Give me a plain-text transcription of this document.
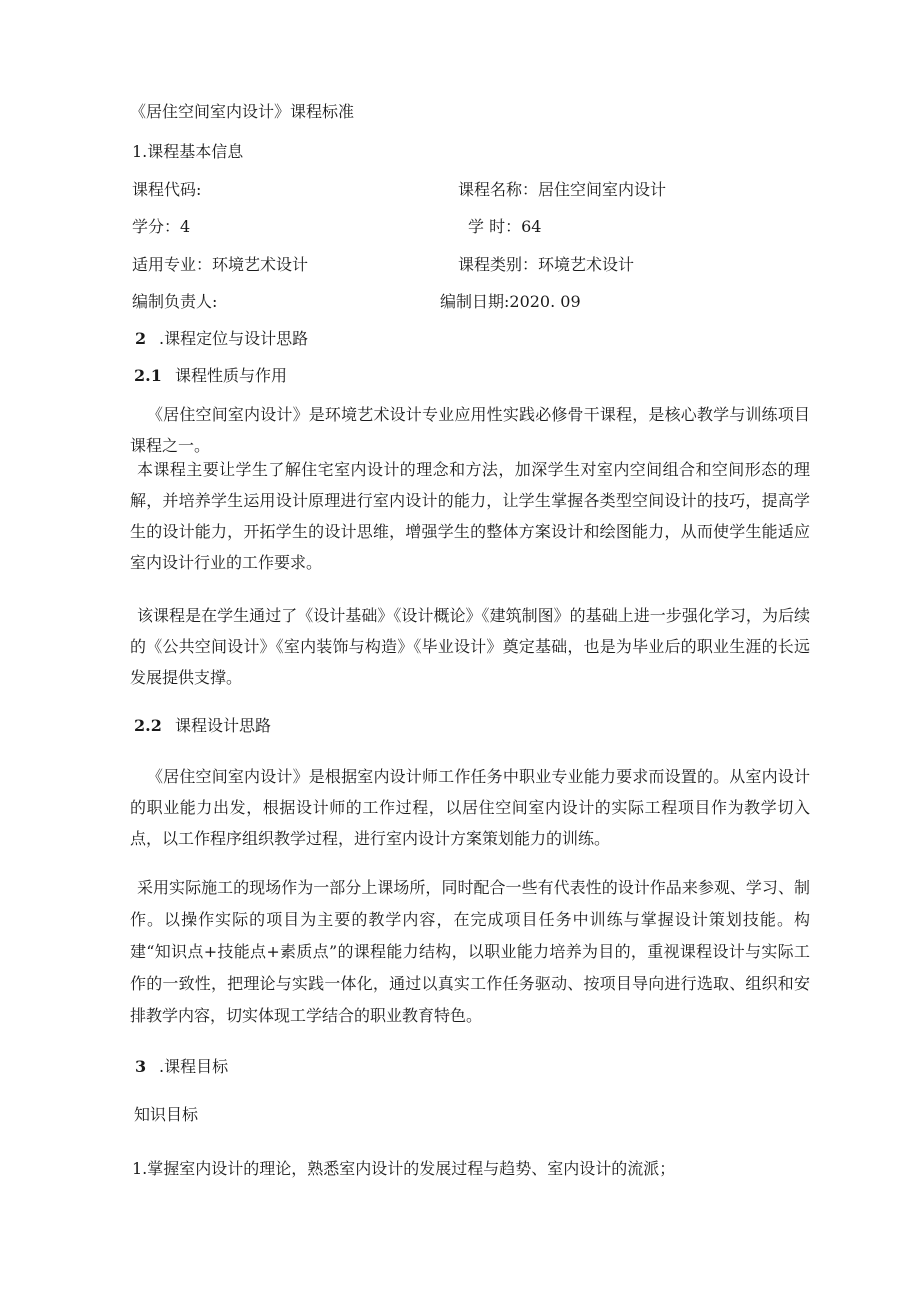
《居住空间室内设计》课程标准
1.课程基本信息
课程代码:	课程名称：居住空间室内设计
学分：4	学 时：64
适用专业：环境艺术设计	课程类别：环境艺术设计
编制负责人:	编制日期:2020. 09
2 .课程定位与设计思路
2.1 课程性质与作用
《居住空间室内设计》是环境艺术设计专业应用性实践必修骨干课程，是核心教学与训练项目课程之一。
本课程主要让学生了解住宅室内设计的理念和方法，加深学生对室内空间组合和空间形态的理解，并培养学生运用设计原理进行室内设计的能力，让学生掌握各类型空间设计的技巧，提高学生的设计能力，开拓学生的设计思维，增强学生的整体方案设计和绘图能力，从而使学生能适应室内设计行业的工作要求。
该课程是在学生通过了《设计基础》《设计概论》《建筑制图》的基础上进一步强化学习，为后续的《公共空间设计》《室内装饰与构造》《毕业设计》奠定基础，也是为毕业后的职业生涯的长远发展提供支撑。
2.2 课程设计思路
《居住空间室内设计》是根据室内设计师工作任务中职业专业能力要求而设置的。从室内设计的职业能力出发，根据设计师的工作过程，以居住空间室内设计的实际工程项目作为教学切入点，以工作程序组织教学过程，进行室内设计方案策划能力的训练。
采用实际施工的现场作为一部分上课场所，同时配合一些有代表性的设计作品来参观、学习、制作。以操作实际的项目为主要的教学内容，在完成项目任务中训练与掌握设计策划技能。构建“知识点+技能点+素质点”的课程能力结构，以职业能力培养为目的，重视课程设计与实际工作的一致性，把理论与实践一体化，通过以真实工作任务驱动、按项目导向进行选取、组织和安排教学内容，切实体现工学结合的职业教育特色。
3 .课程目标
知识目标
1.掌握室内设计的理论，熟悉室内设计的发展过程与趋势、室内设计的流派；
